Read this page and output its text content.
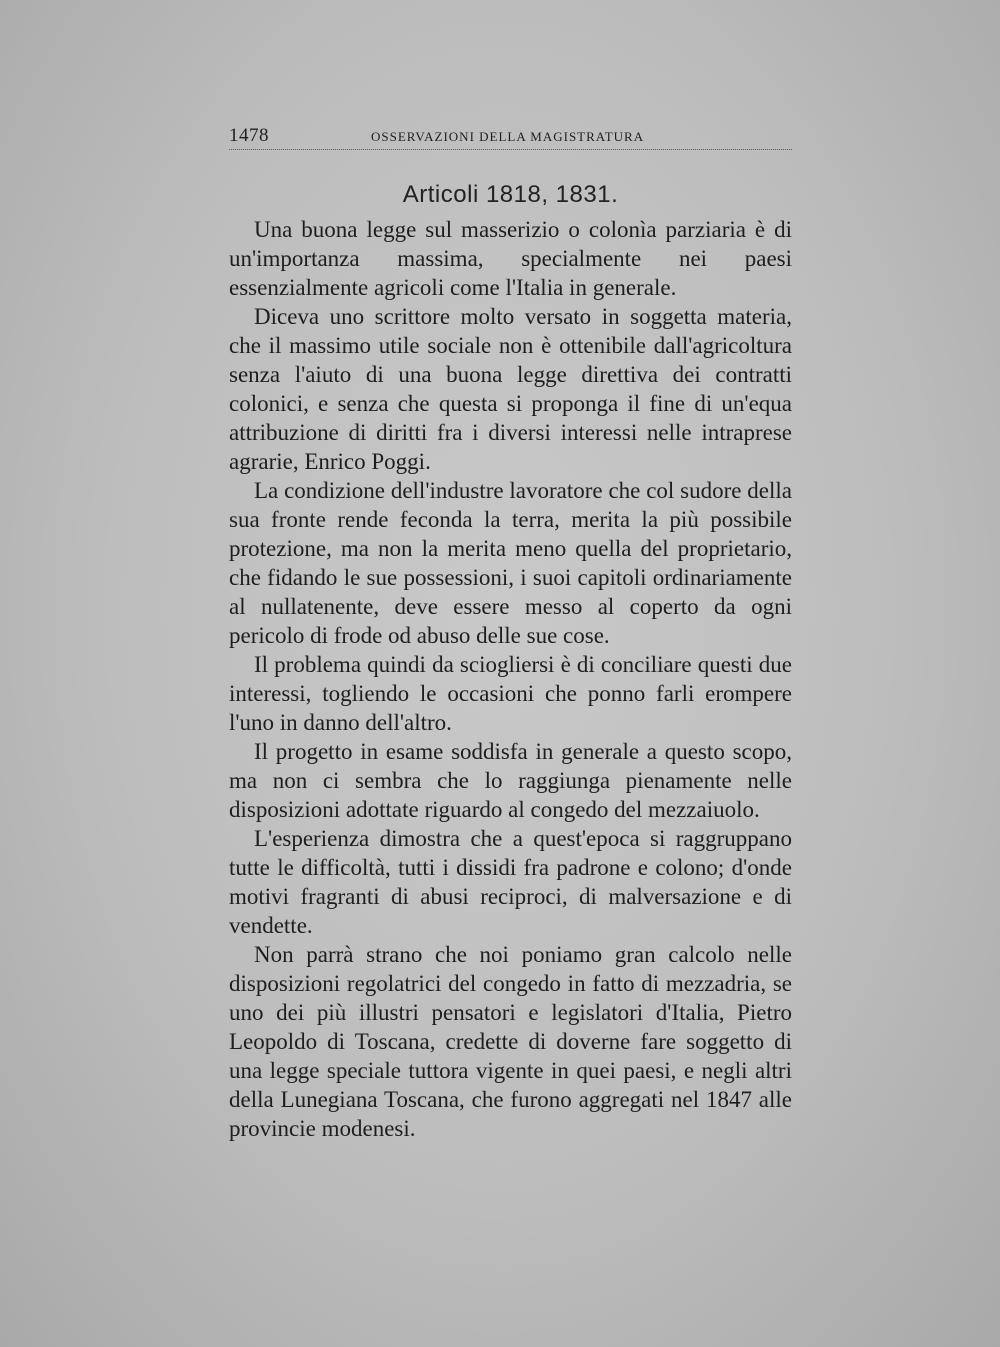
1478	OSSERVAZIONI DELLA MAGISTRATURA
Articoli 1818, 1831.

Una buona legge sul masserizio o colonìa parziaria è di un'importanza massima, specialmente nei paesi essenzialmente agricoli come l'Italia in generale.

Diceva uno scrittore molto versato in soggetta materia, che il massimo utile sociale non è ottenibile dall'agricoltura senza l'aiuto di una buona legge direttiva dei contratti colonici, e senza che questa si proponga il fine di un'equa attribuzione di diritti fra i diversi interessi nelle intraprese agrarie, Enrico Poggi.

La condizione dell'industre lavoratore che col sudore della sua fronte rende feconda la terra, merita la più possibile protezione, ma non la merita meno quella del proprietario, che fidando le sue possessioni, i suoi capitoli ordinariamente al nullatenente, deve essere messo al coperto da ogni pericolo di frode od abuso delle sue cose.

Il problema quindi da sciogliersi è di conciliare questi due interessi, togliendo le occasioni che ponno farli erompere l'uno in danno dell'altro.

Il progetto in esame soddisfa in generale a questo scopo, ma non ci sembra che lo raggiunga pienamente nelle disposizioni adottate riguardo al congedo del mezzaiuolo.

L'esperienza dimostra che a quest'epoca si raggruppano tutte le difficoltà, tutti i dissidi fra padrone e colono; d'onde motivi fragranti di abusi reciproci, di malversazione e di vendette.

Non parrà strano che noi poniamo gran calcolo nelle disposizioni regolatrici del congedo in fatto di mezzadria, se uno dei più illustri pensatori e legislatori d'Italia, Pietro Leopoldo di Toscana, credette di doverne fare soggetto di una legge speciale tuttora vigente in quei paesi, e negli altri della Lunegiana Toscana, che furono aggregati nel 1847 alle provincie modenesi.
